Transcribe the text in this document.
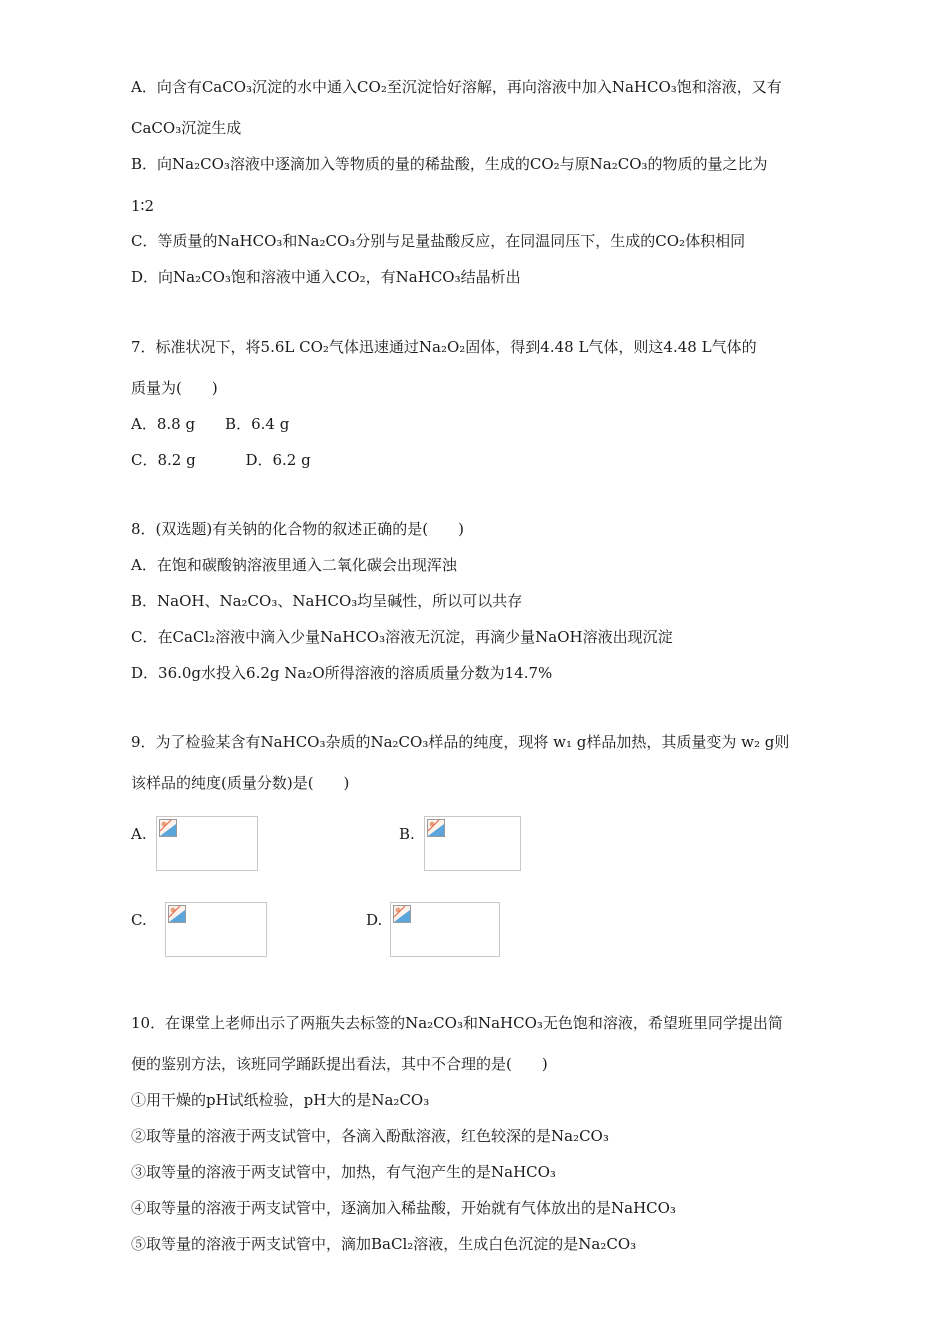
A．向含有CaCO₃沉淀的水中通入CO₂至沉淀恰好溶解，再向溶液中加入NaHCO₃饱和溶液，又有
CaCO₃沉淀生成
B．向Na₂CO₃溶液中逐滴加入等物质的量的稀盐酸，生成的CO₂与原Na₂CO₃的物质的量之比为
1∶2
C．等质量的NaHCO₃和Na₂CO₃分别与足量盐酸反应，在同温同压下，生成的CO₂体积相同
D．向Na₂CO₃饱和溶液中通入CO₂，有NaHCO₃结晶析出
7．标准状况下，将5.6L CO₂气体迅速通过Na₂O₂固体，得到4.48 L气体，则这4.48 L气体的
质量为(　　)
A．8.8 g　　B．6.4 g
C．8.2 g　　　 D．6.2 g
8．(双选题)有关钠的化合物的叙述正确的是(　　)
A．在饱和碳酸钠溶液里通入二氧化碳会出现浑浊
B．NaOH、Na₂CO₃、NaHCO₃均呈碱性，所以可以共存
C．在CaCl₂溶液中滴入少量NaHCO₃溶液无沉淀，再滴少量NaOH溶液出现沉淀
D．36.0g水投入6.2g Na₂O所得溶液的溶质质量分数为14.7%
9．为了检验某含有NaHCO₃杂质的Na₂CO₃样品的纯度，现将 w₁ g样品加热，其质量变为 w₂ g则
该样品的纯度(质量分数)是(　　)
A.	B.
C.	D.
10．在课堂上老师出示了两瓶失去标签的Na₂CO₃和NaHCO₃无色饱和溶液，希望班里同学提出简
便的鉴别方法，该班同学踊跃提出看法，其中不合理的是(　　)
①用干燥的pH试纸检验，pH大的是Na₂CO₃
②取等量的溶液于两支试管中，各滴入酚酞溶液，红色较深的是Na₂CO₃
③取等量的溶液于两支试管中，加热，有气泡产生的是NaHCO₃
④取等量的溶液于两支试管中，逐滴加入稀盐酸，开始就有气体放出的是NaHCO₃
⑤取等量的溶液于两支试管中，滴加BaCl₂溶液，生成白色沉淀的是Na₂CO₃
